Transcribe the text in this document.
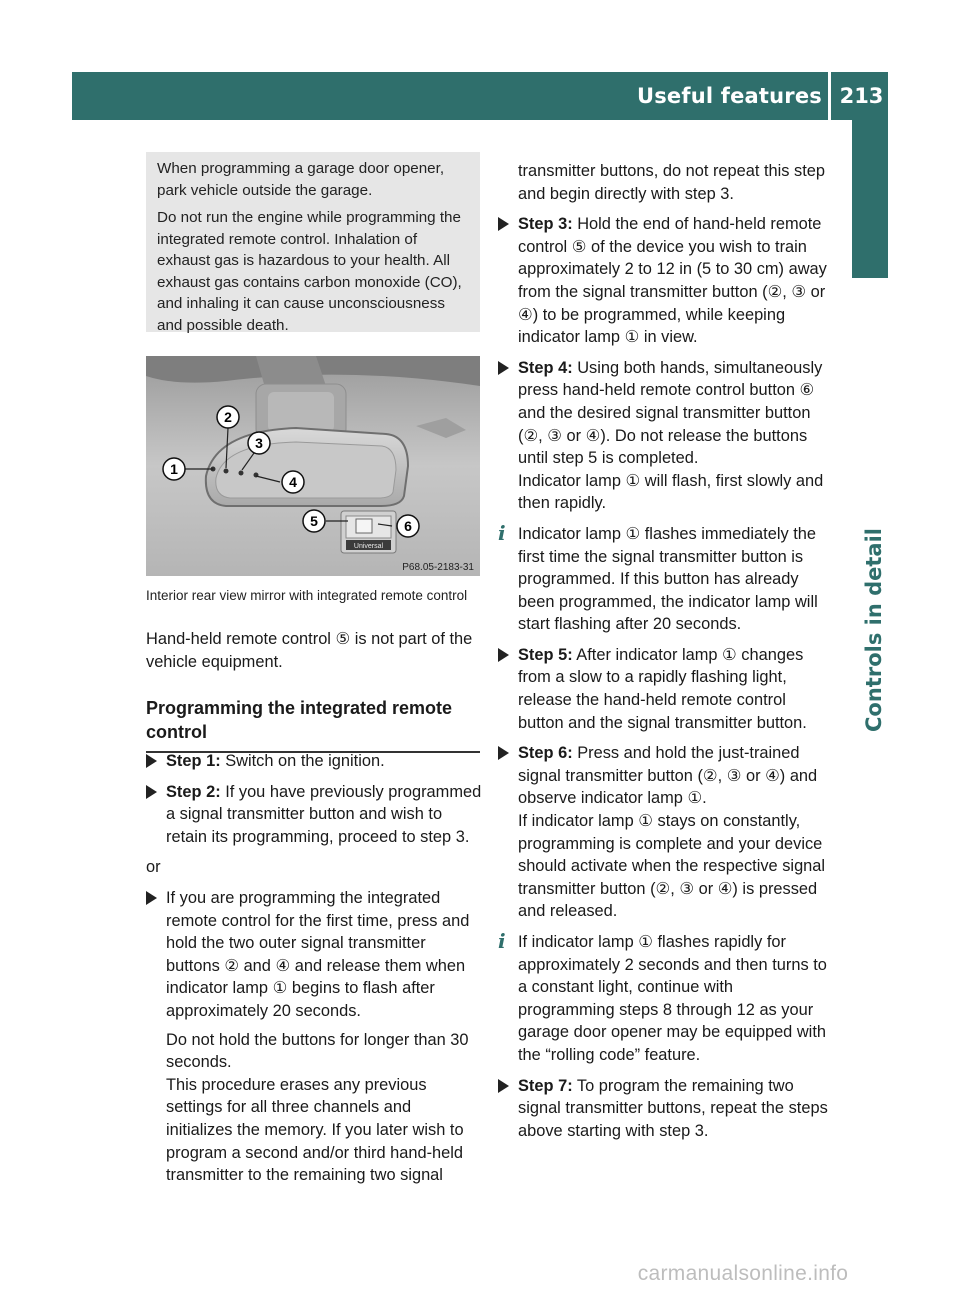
Useful features 213
Controls in detail

When programming a garage door opener, park vehicle outside the garage.

Do not run the engine while programming the integrated remote control. Inhalation of exhaust gas is hazardous to your health. All exhaust gas contains carbon monoxide (CO), and inhaling it can cause unconsciousness and possible death.

Universal
1
2
3
4
5	6
P68.05-2183-31
Interior rear view mirror with integrated remote control

Hand-held remote control ⑤ is not part of the vehicle equipment.

Programming the integrated remote control
Step 1: Switch on the ignition.
Step 2: If you have previously programmed a signal transmitter button and wish to retain its programming, proceed to step 3.

or

If you are programming the integrated remote control for the first time, press and hold the two outer signal transmitter buttons ② and ④ and release them when indicator lamp ① begins to flash after approximately 20 seconds.

Do not hold the buttons for longer than 30 seconds.

This procedure erases any previous settings for all three channels and initializes the memory. If you later wish to program a second and/or third hand-held transmitter to the remaining two signal

transmitter buttons, do not repeat this step and begin directly with step 3.

Step 3: Hold the end of hand-held remote control ⑤ of the device you wish to train approximately 2 to 12 in (5 to 30 cm) away from the signal transmitter button (②, ③ or ④) to be programmed, while keeping indicator lamp ① in view.
Step 4: Using both hands, simultaneously press hand-held remote control button ⑥ and the desired signal transmitter button (②, ③ or ④). Do not release the buttons until step 5 is completed.

Indicator lamp ① will flash, first slowly and then rapidly.

i Indicator lamp ① flashes immediately the first time the signal transmitter button is programmed. If this button has already been programmed, the indicator lamp will start flashing after 20 seconds.
Step 5: After indicator lamp ① changes from a slow to a rapidly flashing light, release the hand-held remote control button and the signal transmitter button.
Step 6: Press and hold the just-trained signal transmitter button (②, ③ or ④) and observe indicator lamp ①.

If indicator lamp ① stays on constantly, programming is complete and your device should activate when the respective signal transmitter button (②, ③ or ④) is pressed and released.

i If indicator lamp ① flashes rapidly for approximately 2 seconds and then turns to a constant light, continue with programming steps 8 through 12 as your garage door opener may be equipped with the “rolling code” feature.
Step 7: To program the remaining two signal transmitter buttons, repeat the steps above starting with step 3.
carmanualsonline.info
